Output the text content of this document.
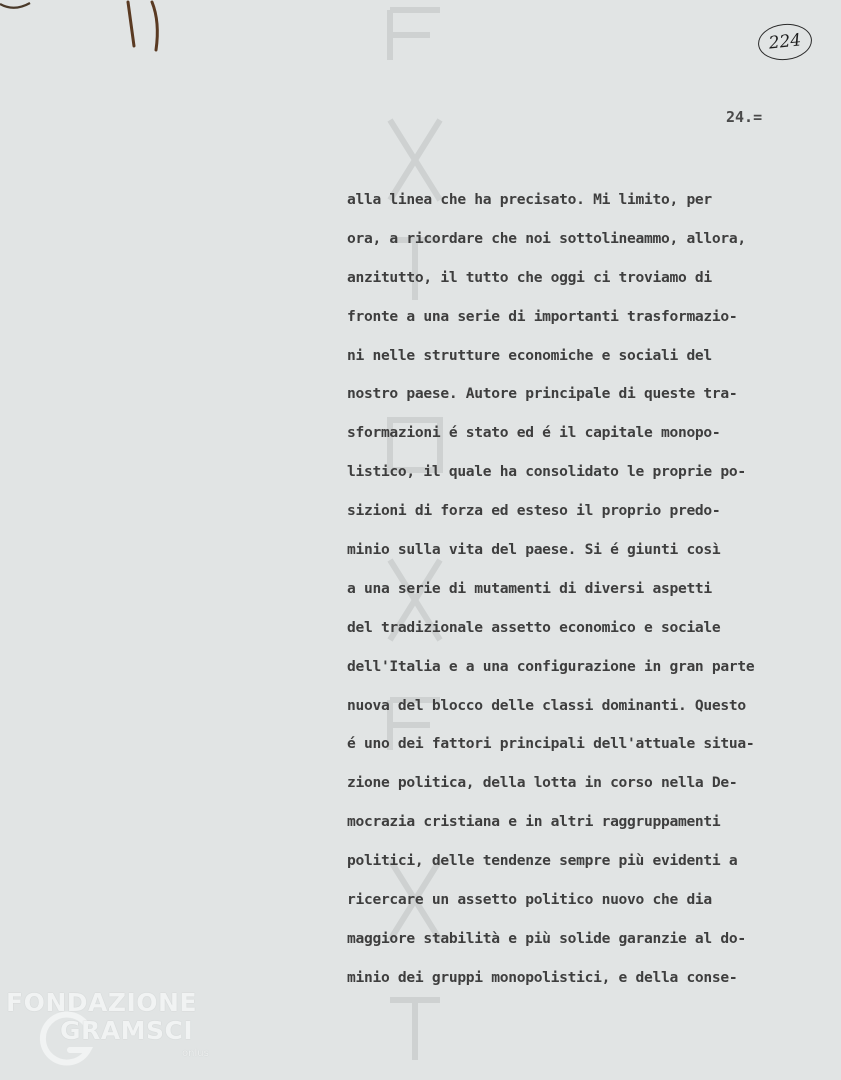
224
24.=
alla linea che ha precisato. Mi limito, per
ora, a ricordare che noi sottolineammo, allora,
anzitutto, il tutto che oggi ci troviamo di
fronte a una serie di importanti trasformazio-
ni nelle strutture economiche e sociali del
nostro paese. Autore principale di queste tra-
sformazioni é stato ed é il capitale monopo-
listico, il quale ha consolidato le proprie po-
sizioni di forza ed esteso il proprio predo-
minio sulla vita del paese. Si é giunti così
a una serie di mutamenti di diversi aspetti
del tradizionale assetto economico e sociale
dell'Italia e a una configurazione in gran parte
nuova del blocco delle classi dominanti. Questo
é uno dei fattori principali dell'attuale situa-
zione politica, della lotta in corso nella De-
mocrazia cristiana e in altri raggruppamenti
politici, delle tendenze sempre più evidenti a
ricercare un assetto politico nuovo che dia
maggiore stabilità e più solide garanzie al do-
minio dei gruppi monopolistici, e della conse-
FONDAZIONE
GRAMSCI
onlus
